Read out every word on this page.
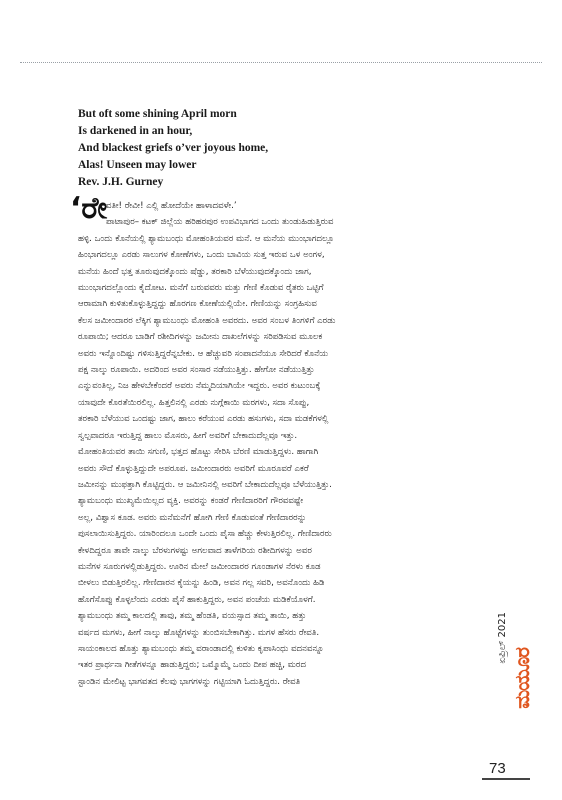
But oft some shining April morn
Is darkened in an hour,
And blackest griefs o’ver joyous home,
Alas! Unseen may lower
Rev. J.H. Gurney
‘ರೇ
ವತೀ! ರೇವೀ! ಎಲ್ಲಿ ಹೋದೆಯೇ ಹಾಳಾದವಳೇ.’
ಪಾಟಾಪುರ– ಕಟಕ್ ಜಿಲ್ಲೆಯ ಹರಿಹರಪುರ ಉಪವಿಭಾಗದ ಒಂದು ತುಂಡುಹಿಡುತ್ತಿರುವ
ಹಳ್ಳಿ. ಒಂದು ಕೊನೆಯಲ್ಲಿ ಶ್ಯಾಮಬಂಧು ಮೋಹಂತಿಯವರ ಮನೆ. ಆ ಮನೆಯ ಮುಂಭಾಗದಲ್ಲೂ
ಹಿಂಭಾಗದಲ್ಲೂ ಎರಡು ಸಾಲುಗಳ ಕೋಣೆಗಳು, ಒಂದು ಬಾವಿಯ ಸುತ್ತ ಇರುವ ಒಳ ಅಂಗಳ,
ಮನೆಯ ಹಿಂದೆ ಭತ್ತ ತೂರುವುದಕ್ಕೊಂದು ಷೆಡ್ಡು, ತರಕಾರಿ ಬೆಳೆಯುವುದಕ್ಕೊಂದು ಜಾಗ,
ಮುಂಭಾಗದಲ್ಲೊಂದು ಕೈದೋಟ. ಮನೆಗೆ ಬರುವವರು ಮತ್ತು ಗೇಣಿ ಕೊಡುವ ರೈತರು ಒಟ್ಟಿಗೆ
ಆರಾಮಾಗಿ ಕುಳಿತುಕೊಳ್ಳುತ್ತಿದ್ದದ್ದು ಹೊರಗಣ ಕೋಣೆಯಲ್ಲಿಯೇ. ಗೇಣಿಯನ್ನು ಸಂಗ್ರಹಿಸುವ
ಕೆಲಸ ಜಮೀಂದಾರರ ಲೆಕ್ಕಿಗ ಶ್ಯಾಮಬಂಧು ಮೋಹಂತಿ ಅವರದು. ಅವರ ಸಂಬಳ ತಿಂಗಳಿಗೆ ಎರಡು
ರೂಪಾಯಿ; ಆದರೂ ಬಾಡಿಗೆ ರಶೀದಿಗಳನ್ನು ಜಮೀನು ದಾಖಲೆಗಳನ್ನು ಸರಿಪಡಿಸುವ ಮೂಲಕ
ಅವರು ಇನ್ನೊಂದಿಷ್ಟು ಗಳಿಸುತ್ತಿದ್ದರೆನ್ನಬೇಕು. ಆ ಹೆಚ್ಚುವರಿ ಸಂಪಾದನೆಯೂ ಸೇರಿದರೆ ಕೊನೆಯ
ಪಕ್ಷ ನಾಲ್ಕು ರೂಪಾಯಿ. ಅದರಿಂದ ಅವರ ಸಂಸಾರ ನಡೆಯುತ್ತಿತ್ತು. ಹೇಗೋ ನಡೆಯುತ್ತಿತ್ತು
ಎನ್ನುವಂತಿಲ್ಲ, ನಿಜ ಹೇಳಬೇಕೆಂದರೆ ಅವರು ನೆಮ್ಮದಿಯಾಗಿಯೇ ಇದ್ದರು. ಅವರ ಕುಟುಂಬಕ್ಕೆ
ಯಾವುದೇ ಕೊರತೆಯಿರಲಿಲ್ಲ. ಹಿತ್ತಲಿನಲ್ಲಿ ಎರಡು ನುಗ್ಗೆಕಾಯಿ ಮರಗಳು, ಸದಾ ಸೊಪ್ಪು,
ತರಕಾರಿ ಬೆಳೆಯುವ ಒಂದಷ್ಟು ಜಾಗ, ಹಾಲು ಕರೆಯುವ ಎರಡು ಹಸುಗಳು, ಸದಾ ಮಡಕೆಗಳಲ್ಲಿ
ಸ್ವಲ್ಪವಾದರೂ ಇರುತ್ತಿದ್ದ ಹಾಲು ಮೊಸರು, ಹೀಗೆ ಅವರಿಗೆ ಬೇಕಾದುದೆಲ್ಲವೂ ಇತ್ತು.
ಮೋಹಂತಿಯವರ ತಾಯಿ ಸಗುಣಿ, ಭತ್ತದ ಹೊಟ್ಟು ಸೇರಿಸಿ ಬೆರಣಿ ಮಾಡುತ್ತಿದ್ದಳು. ಹಾಗಾಗಿ
ಅವರು ಸೌದೆ ಕೊಳ್ಳುತ್ತಿದ್ದುದೇ ಅಪರೂಪ. ಜಮೀಂದಾರರು ಅವರಿಗೆ ಮೂರೂವರೆ ಎಕರೆ
ಜಮೀನನ್ನು ಮುಫತ್ತಾಗಿ ಕೊಟ್ಟಿದ್ದರು. ಆ ಜಮೀನಿನಲ್ಲಿ ಅವರಿಗೆ ಬೇಕಾದುದೆಲ್ಲವೂ ಬೆಳೆಯುತ್ತಿತ್ತು.
ಶ್ಯಾಮಬಂಧು ಮುಖ್ಯಮೆಯಿಲ್ಲದ ವ್ಯಕ್ತಿ. ಅವರನ್ನು ಕಂಡರೆ ಗೇಣಿದಾರರಿಗೆ ಗೌರವವಷ್ಟೇ
ಅಲ್ಲ, ವಿಶ್ವಾಸ ಕೂಡ. ಅವರು ಮನೆಮನೆಗೆ ಹೋಗಿ ಗೇಣಿ ಕೊಡುವಂತೆ ಗೇಣಿದಾರರನ್ನು
ಪುಸಲಾಯಿಸುತ್ತಿದ್ದರು. ಯಾರಿಂದಲೂ ಒಂದೇ ಒಂದು ಪೈಸಾ ಹೆಚ್ಚು ಕೇಳುತ್ತಿರಲಿಲ್ಲ. ಗೇಣಿದಾರರು
ಕೇಳದಿದ್ದರೂ ತಾವೇ ನಾಲ್ಕು ಬೆರಳುಗಳಷ್ಟು ಅಗಲವಾದ ತಾಳೆಗರಿಯ ರಶೀದಿಗಳನ್ನು ಅವರ
ಮನೆಗಳ ಸೂರುಗಳಲ್ಲಿಡುತ್ತಿದ್ದರು. ಊರಿನ ಮೇಲೆ ಜಮೀಂದಾರರ ಗೂಂಡಾಗಳ ನೆರಳು ಕೂಡ
ಬೀಳಲು ಬಿಡುತ್ತಿರಲಿಲ್ಲ. ಗೇಣಿದಾರನ ಕೈಯನ್ನು ಹಿಂಡಿ, ಅವನ ಗಲ್ಲ ಸವರಿ, ಅವನೊಂದು ಹಿಡಿ
ಹೊಗೆಸೊಪ್ಪು ಕೊಳ್ಳಲೆಂದು ಎರಡು ಪೈಸೆ ಹಾಕುತ್ತಿದ್ದರು, ಅವನ ಪಂಚೆಯ ಮಡಿಕೆಯೊಳಗೆ.
ಶ್ಯಾಮಬಂಧು ತಮ್ಮ ಕಾಲದಲ್ಲಿ ತಾವು, ತಮ್ಮ ಹೆಂಡತಿ, ವಯಸ್ಸಾದ ತಮ್ಮ ತಾಯಿ, ಹತ್ತು
ವರ್ಷದ ಮಗಳು, ಹೀಗೆ ನಾಲ್ಕು ಹೊಟ್ಟೆಗಳನ್ನು ತುಂಬಿಸಬೇಕಾಗಿತ್ತು. ಮಗಳ ಹೆಸರು ರೇವತಿ.
ಸಾಯಂಕಾಲದ ಹೊತ್ತು ಶ್ಯಾಮಬಂಧು ತಮ್ಮ ವರಾಂಡಾದಲ್ಲಿ ಕುಳಿತು ಕೃಪಾಸಿಂಧು ವದನವನ್ನೂ
ಇತರ ಪ್ರಾರ್ಥನಾ ಗೀತೆಗಳನ್ನೂ ಹಾಡುತ್ತಿದ್ದರು; ಒಮ್ಮೊಮ್ಮೆ ಒಂದು ದೀಪ ಹಚ್ಚಿ, ಮರದ
ಸ್ಟಾಂಡಿನ ಮೇಲಿಟ್ಟ ಭಾಗವತದ ಕೆಲವು ಭಾಗಗಳನ್ನು ಗಟ್ಟಿಯಾಗಿ ಓದುತ್ತಿದ್ದರು. ರೇವತಿ
ಏಪ್ರಿಲ್ 2021
ಮಯೂರ
73
